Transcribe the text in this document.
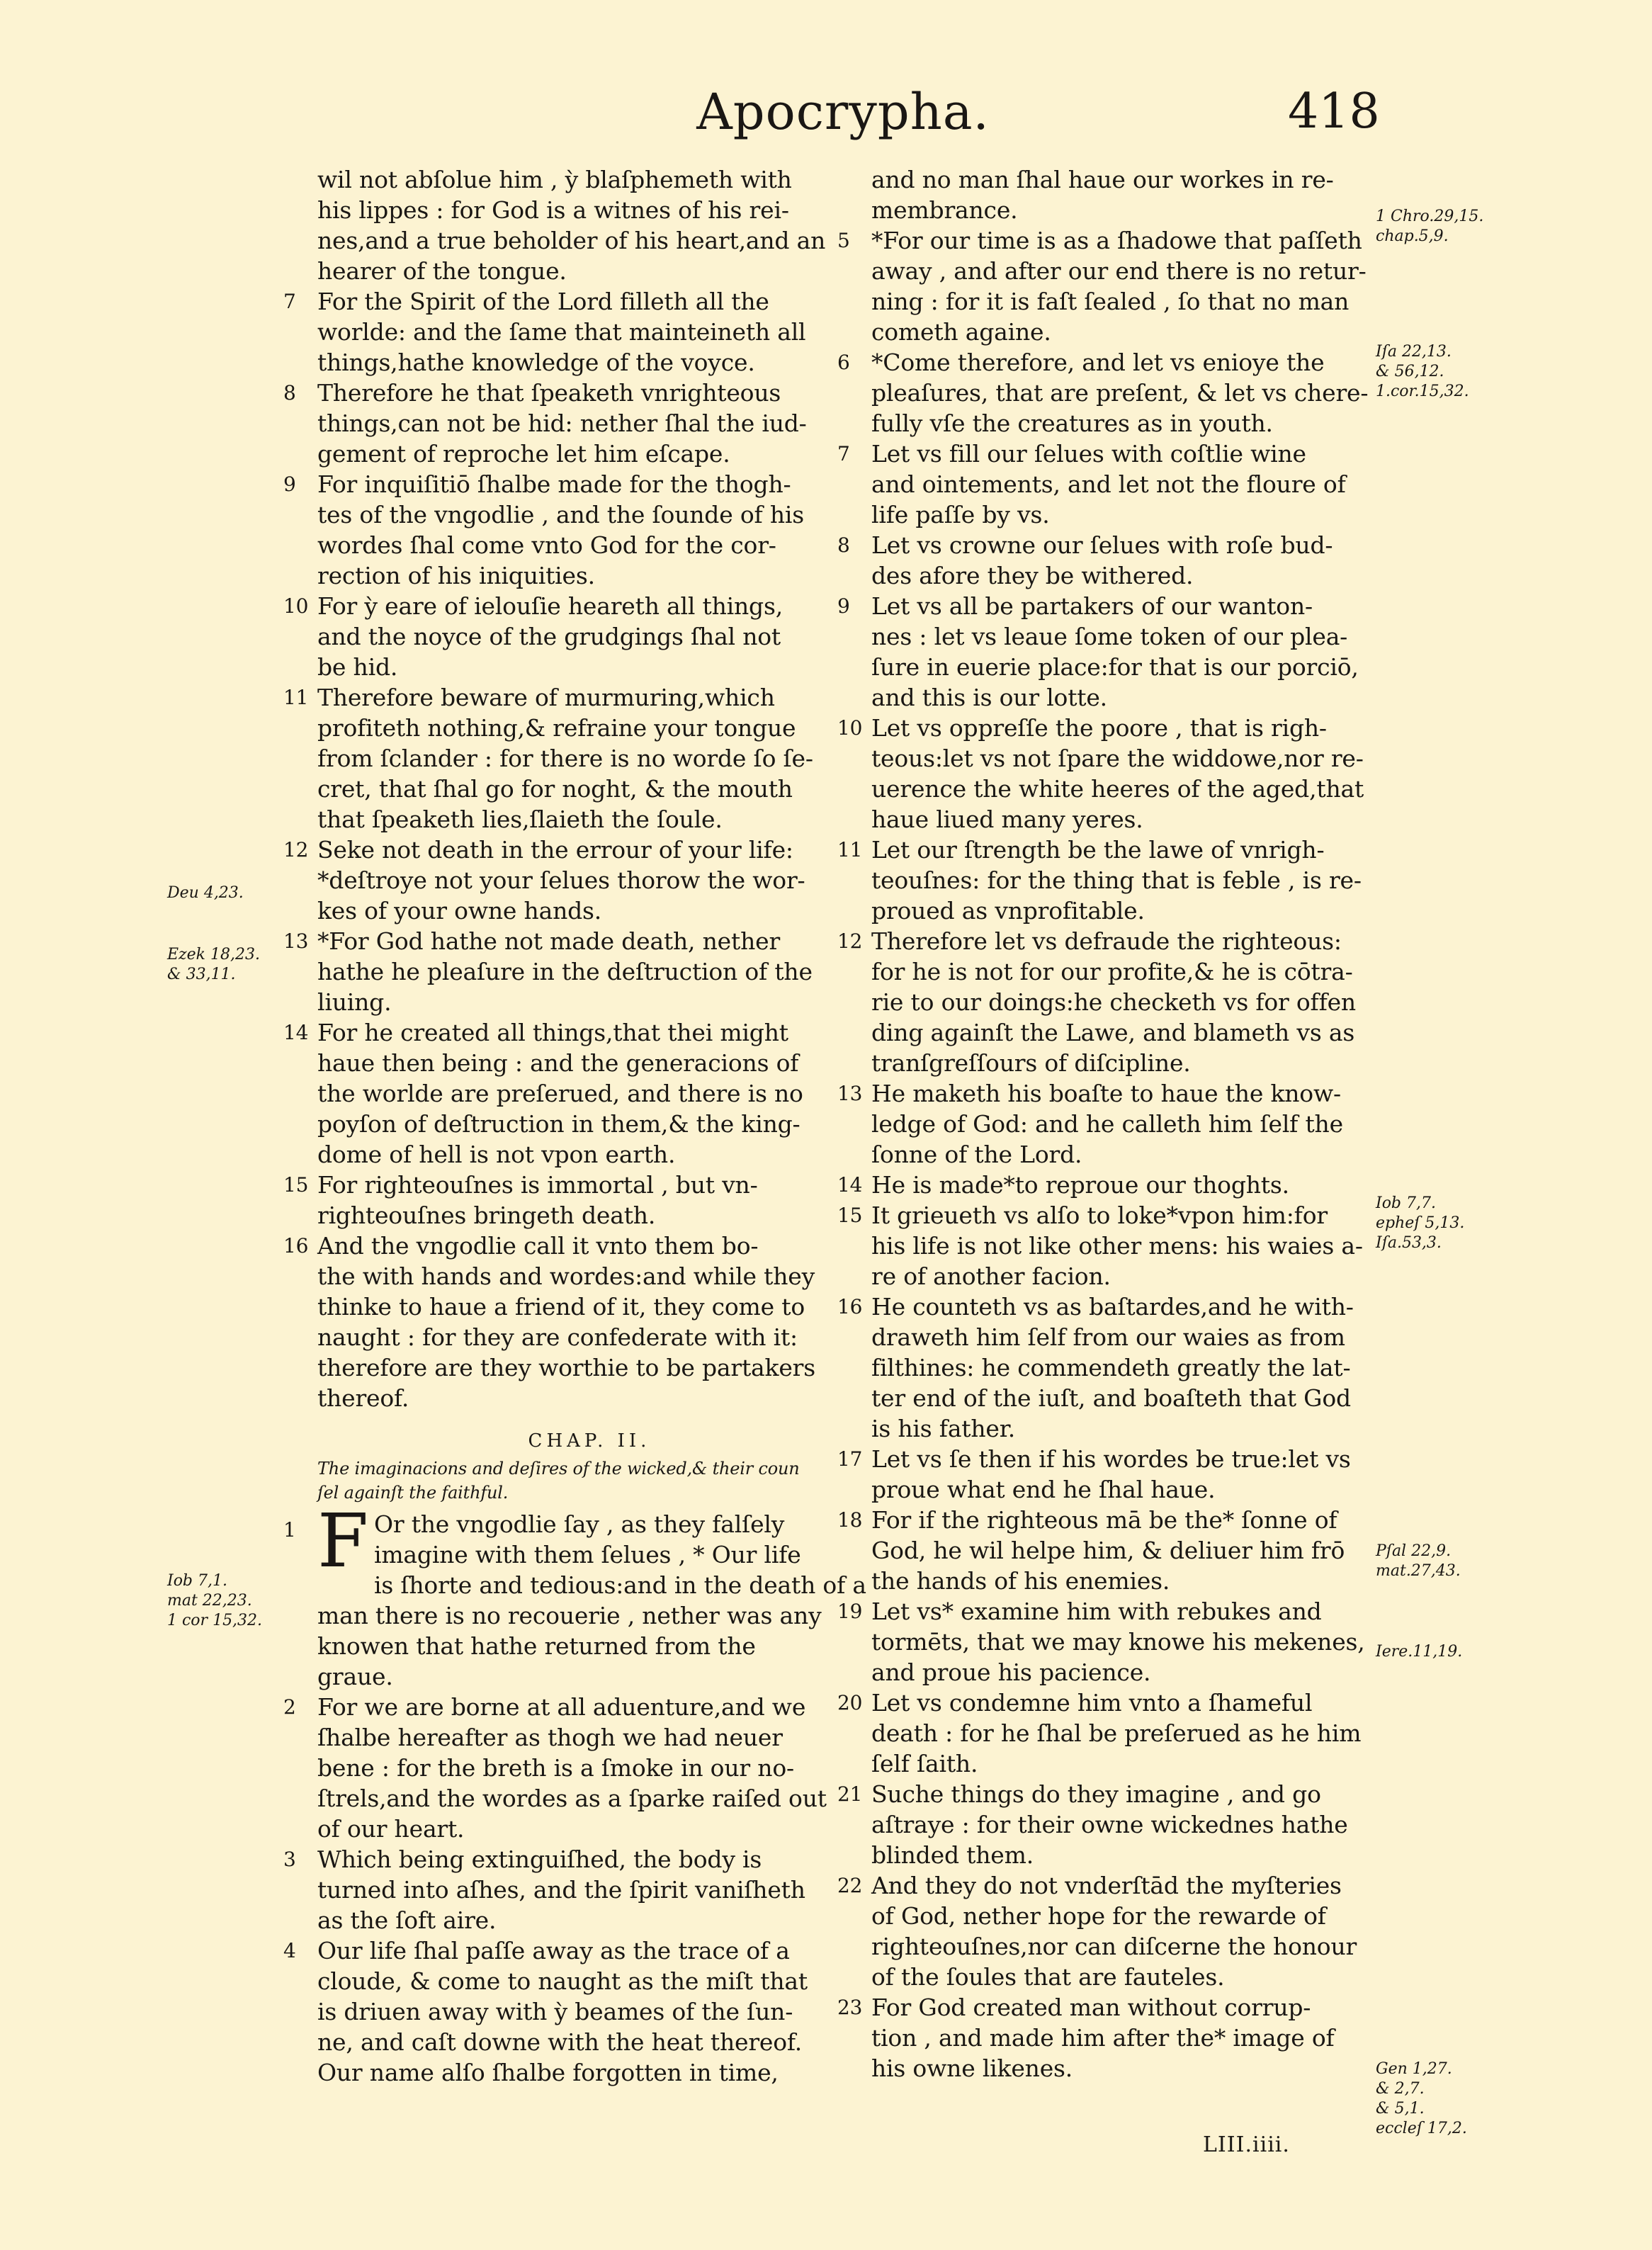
Apocrypha.	418
wil not abſolue him , ỳ blaſphemeth with
his lippes : for God is a witnes of his rei-
nes,and a true beholder of his heart,and an
hearer of the tongue.
7 For the Spirit of the Lord filleth all the
worlde: and the ſame that mainteineth all
things,hathe knowledge of the voyce.
8 Therefore he that ſpeaketh vnrighteous
things,can not be hid: nether ſhal the iud-
gement of reproche let him eſcape.
9 For inquiſitiō ſhalbe made for the thogh-
tes of the vngodlie , and the ſounde of his
wordes ſhal come vnto God for the cor-
rection of his iniquities.
10 For ỳ eare of ielouſie heareth all things,
and the noyce of the grudgings ſhal not
be hid.
11 Therefore beware of murmuring,which
profiteth nothing,& refraine your tongue
from ſclander : for there is no worde ſo ſe-
cret, that ſhal go for noght, & the mouth
that ſpeaketh lies,ſlaieth the ſoule.
12 Seke not death in the errour of your life:
*deſtroye not your ſelues thorow the wor-
kes of your owne hands.
13 *For God hathe not made death, nether
hathe he pleaſure in the deſtruction of the
liuing.
14 For he created all things,that thei might
haue then being : and the generacions of
the worlde are preſerued, and there is no
poyſon of deſtruction in them,& the king-
dome of hell is not vpon earth.
15 For righteouſnes is immortal , but vn-
righteouſnes bringeth death.
16 And the vngodlie call it vnto them bo-
the with hands and wordes:and while they
thinke to haue a friend of it, they come to
naught : for they are confederate with it:
therefore are they worthie to be partakers
thereof.
CHAP. II.
The imaginacions and deſires of the wicked,& their coun
ſel againſt the faithful.
1 F Or the vngodlie ſay , as they falſely
imagine with them ſelues , * Our life
is ſhorte and tedious:and in the death of a
man there is no recouerie , nether was any
knowen that hathe returned from the
graue.
2 For we are borne at all aduenture,and we
ſhalbe hereafter as thogh we had neuer
bene : for the breth is a ſmoke in our no-
ſtrels,and the wordes as a ſparke raiſed out
of our heart.
3 Which being extinguiſhed, the body is
turned into aſhes, and the ſpirit vaniſheth
as the ſoft aire.
4 Our life ſhal paſſe away as the trace of a
cloude, & come to naught as the miſt that
is driuen away with ỳ beames of the ſun-
ne, and caſt downe with the heat thereof.
Our name alſo ſhalbe forgotten in time,
and no man ſhal haue our workes in re-
membrance.
5 *For our time is as a ſhadowe that paſſeth
away , and after our end there is no retur-
ning : for it is faſt ſealed , ſo that no man
cometh againe.
6 *Come therefore, and let vs enioye the
pleaſures, that are preſent, & let vs chere-
fully vſe the creatures as in youth.
7 Let vs fill our ſelues with coſtlie wine
and ointements, and let not the floure of
life paſſe by vs.
8 Let vs crowne our ſelues with roſe bud-
des afore they be withered.
9 Let vs all be partakers of our wanton-
nes : let vs leaue ſome token of our plea-
ſure in euerie place:for that is our porciō,
and this is our lotte.
10 Let vs oppreſſe the poore , that is righ-
teous:let vs not ſpare the widdowe,nor re-
uerence the white heeres of the aged,that
haue liued many yeres.
11 Let our ſtrength be the lawe of vnrigh-
teouſnes: for the thing that is feble , is re-
proued as vnprofitable.
12 Therefore let vs defraude the righteous:
for he is not for our profite,& he is cōtra-
rie to our doings:he checketh vs for offen
ding againſt the Lawe, and blameth vs as
tranſgreſſours of diſcipline.
13 He maketh his boaſte to haue the know-
ledge of God: and he calleth him ſelf the
ſonne of the Lord.
14 He is made*to reproue our thoghts.
15 It grieueth vs alſo to loke*vpon him:for
his life is not like other mens: his waies a-
re of another facion.
16 He counteth vs as baſtardes,and he with-
draweth him ſelf from our waies as from
filthines: he commendeth greatly the lat-
ter end of the iuſt, and boaſteth that God
is his father.
17 Let vs ſe then if his wordes be true:let vs
proue what end he ſhal haue.
18 For if the righteous mā be the* ſonne of
God, he wil helpe him, & deliuer him frō
the hands of his enemies.
19 Let vs* examine him with rebukes and
tormēts, that we may knowe his mekenes,
and proue his pacience.
20 Let vs condemne him vnto a ſhameful
death : for he ſhal be preſerued as he him
ſelf ſaith.
21 Suche things do they imagine , and go
aſtraye : for their owne wickednes hathe
blinded them.
22 And they do not vnderſtād the myſteries
of God, nether hope for the rewarde of
righteouſnes,nor can diſcerne the honour
of the ſoules that are fauteles.
23 For God created man without corrup-
tion , and made him after the* image of
his owne likenes.
Deu 4,23.
Ezek 18,23.
& 33,11.
Iob 7,1.
mat 22,23.
1 cor 15,32.
1 Chro.29,15.
chap.5,9.
Iſa 22,13.
& 56,12.
1.cor.15,32.
Iob 7,7.
epheſ 5,13.
Iſa.53,3.
Pſal 22,9.
mat.27,43.
Iere.11,19.
Gen 1,27.
& 2,7.
& 5,1.
eccleſ 17,2.
LIII.iiii.
